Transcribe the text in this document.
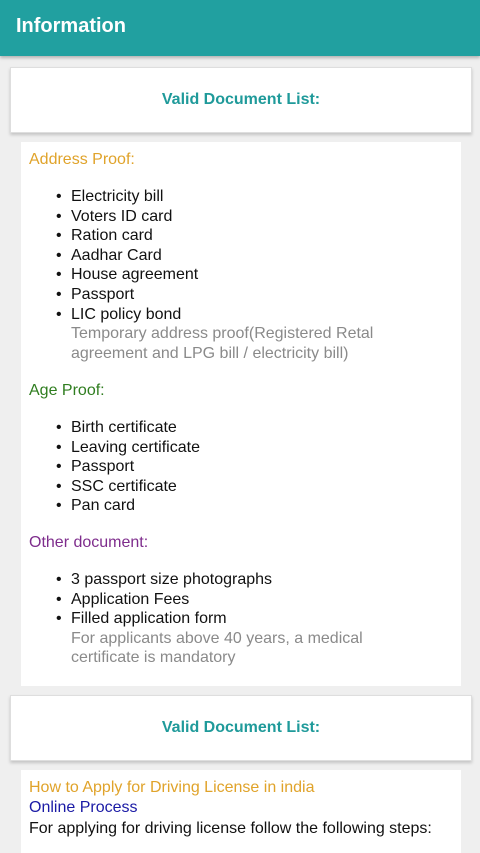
Information
Valid Document List:
Address Proof:
• Electricity bill
• Voters ID card
• Ration card
• Aadhar Card
• House agreement
• Passport
• LIC policy bond
Temporary address proof(Registered Retal agreement and LPG bill / electricity bill)
Age Proof:
• Birth certificate
• Leaving certificate
• Passport
• SSC certificate
• Pan card
Other document:
• 3 passport size photographs
• Application Fees
• Filled application form
For applicants above 40 years, a medical certificate is mandatory
Valid Document List:
How to Apply for Driving License in india
Online Process
For applying for driving license follow the following steps:
